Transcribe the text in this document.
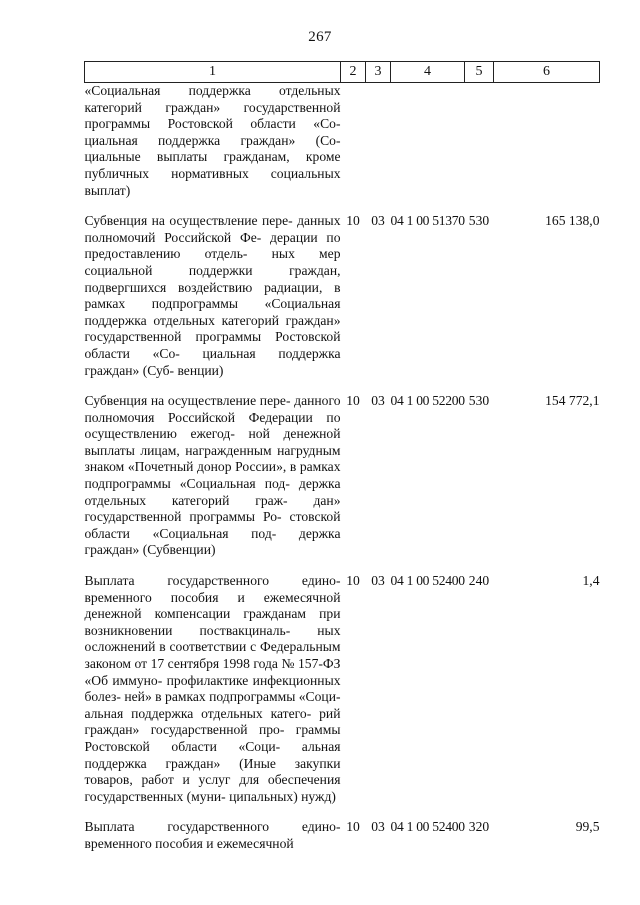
267
1	2	3	4	5	6
«Социальная поддержка отдельных категорий граждан» государственной программы Ростовской области «Со- циальная поддержка граждан» (Со- циальные выплаты гражданам, кроме публичных нормативных социальных выплат)					

Субвенция на осуществление пере- данных полномочий Российской Фе- дерации по предоставлению отдель- ных мер социальной поддержки граждан, подвергшихся воздействию радиации, в рамках подпрограммы «Социальная поддержка отдельных категорий граждан» государственной программы Ростовской области «Со- циальная поддержка граждан» (Суб- венции)	10	03	04 1 00 51370	530	165 138,0

Субвенция на осуществление пере- данного полномочия Российской Федерации по осуществлению ежегод- ной денежной выплаты лицам, награжденным нагрудным знаком «Почетный донор России», в рамках подпрограммы «Социальная под- держка отдельных категорий граж- дан» государственной программы Ро- стовской области «Социальная под- держка граждан» (Субвенции)	10	03	04 1 00 52200	530	154 772,1

Выплата государственного едино- временного пособия и ежемесячной денежной компенсации гражданам при возникновении поствакциналь- ных осложнений в соответствии с Федеральным законом от 17 сентября 1998 года № 157-ФЗ «Об иммуно- профилактике инфекционных болез- ней» в рамках подпрограммы «Соци- альная поддержка отдельных катего- рий граждан» государственной про- граммы Ростовской области «Соци- альная поддержка граждан» (Иные закупки товаров, работ и услуг для обеспечения государственных (муни- ципальных) нужд)	10	03	04 1 00 52400	240	1,4

Выплата государственного едино- временного пособия и ежемесячной	10	03	04 1 00 52400	320	99,5
